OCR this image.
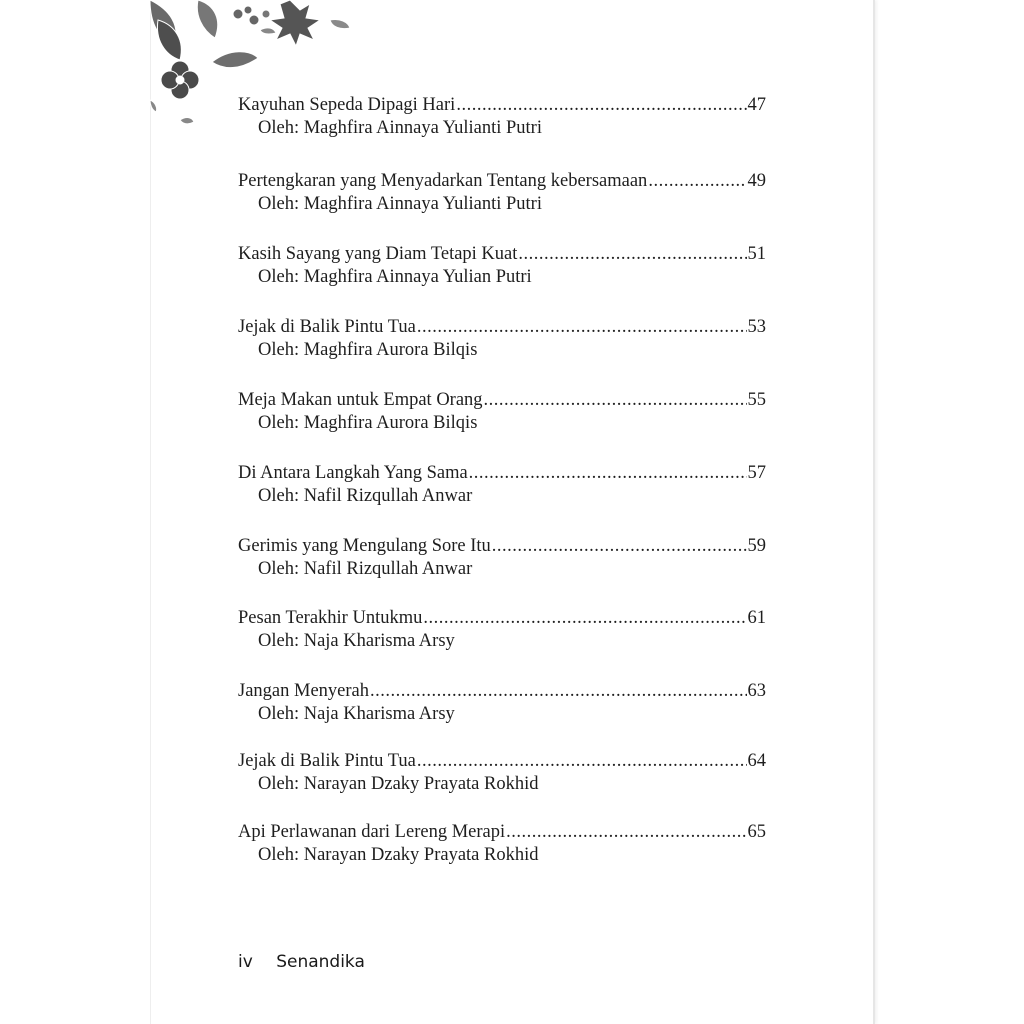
Kayuhan Sepeda Dipagi Hari .....	47
Oleh: Maghfira Ainnaya Yulianti Putri
Pertengkaran yang Menyadarkan Tentang kebersamaan .....	49
Oleh: Maghfira Ainnaya Yulianti Putri
Kasih Sayang yang Diam Tetapi Kuat .....	51
Oleh: Maghfira Ainnaya Yulian Putri
Jejak di Balik Pintu Tua .....	53
Oleh: Maghfira Aurora Bilqis
Meja Makan untuk Empat Orang .....	55
Oleh: Maghfira Aurora Bilqis
Di Antara Langkah Yang Sama .....	57
Oleh: Nafil Rizqullah Anwar
Gerimis yang Mengulang Sore Itu .....	59
Oleh: Nafil Rizqullah Anwar
Pesan Terakhir Untukmu .....	61
Oleh: Naja Kharisma Arsy
Jangan Menyerah .....	63
Oleh: Naja Kharisma Arsy
Jejak di Balik Pintu Tua .....	64
Oleh: Narayan Dzaky Prayata Rokhid
Api Perlawanan dari Lereng Merapi .....	65
Oleh: Narayan Dzaky Prayata Rokhid
iv Senandika
